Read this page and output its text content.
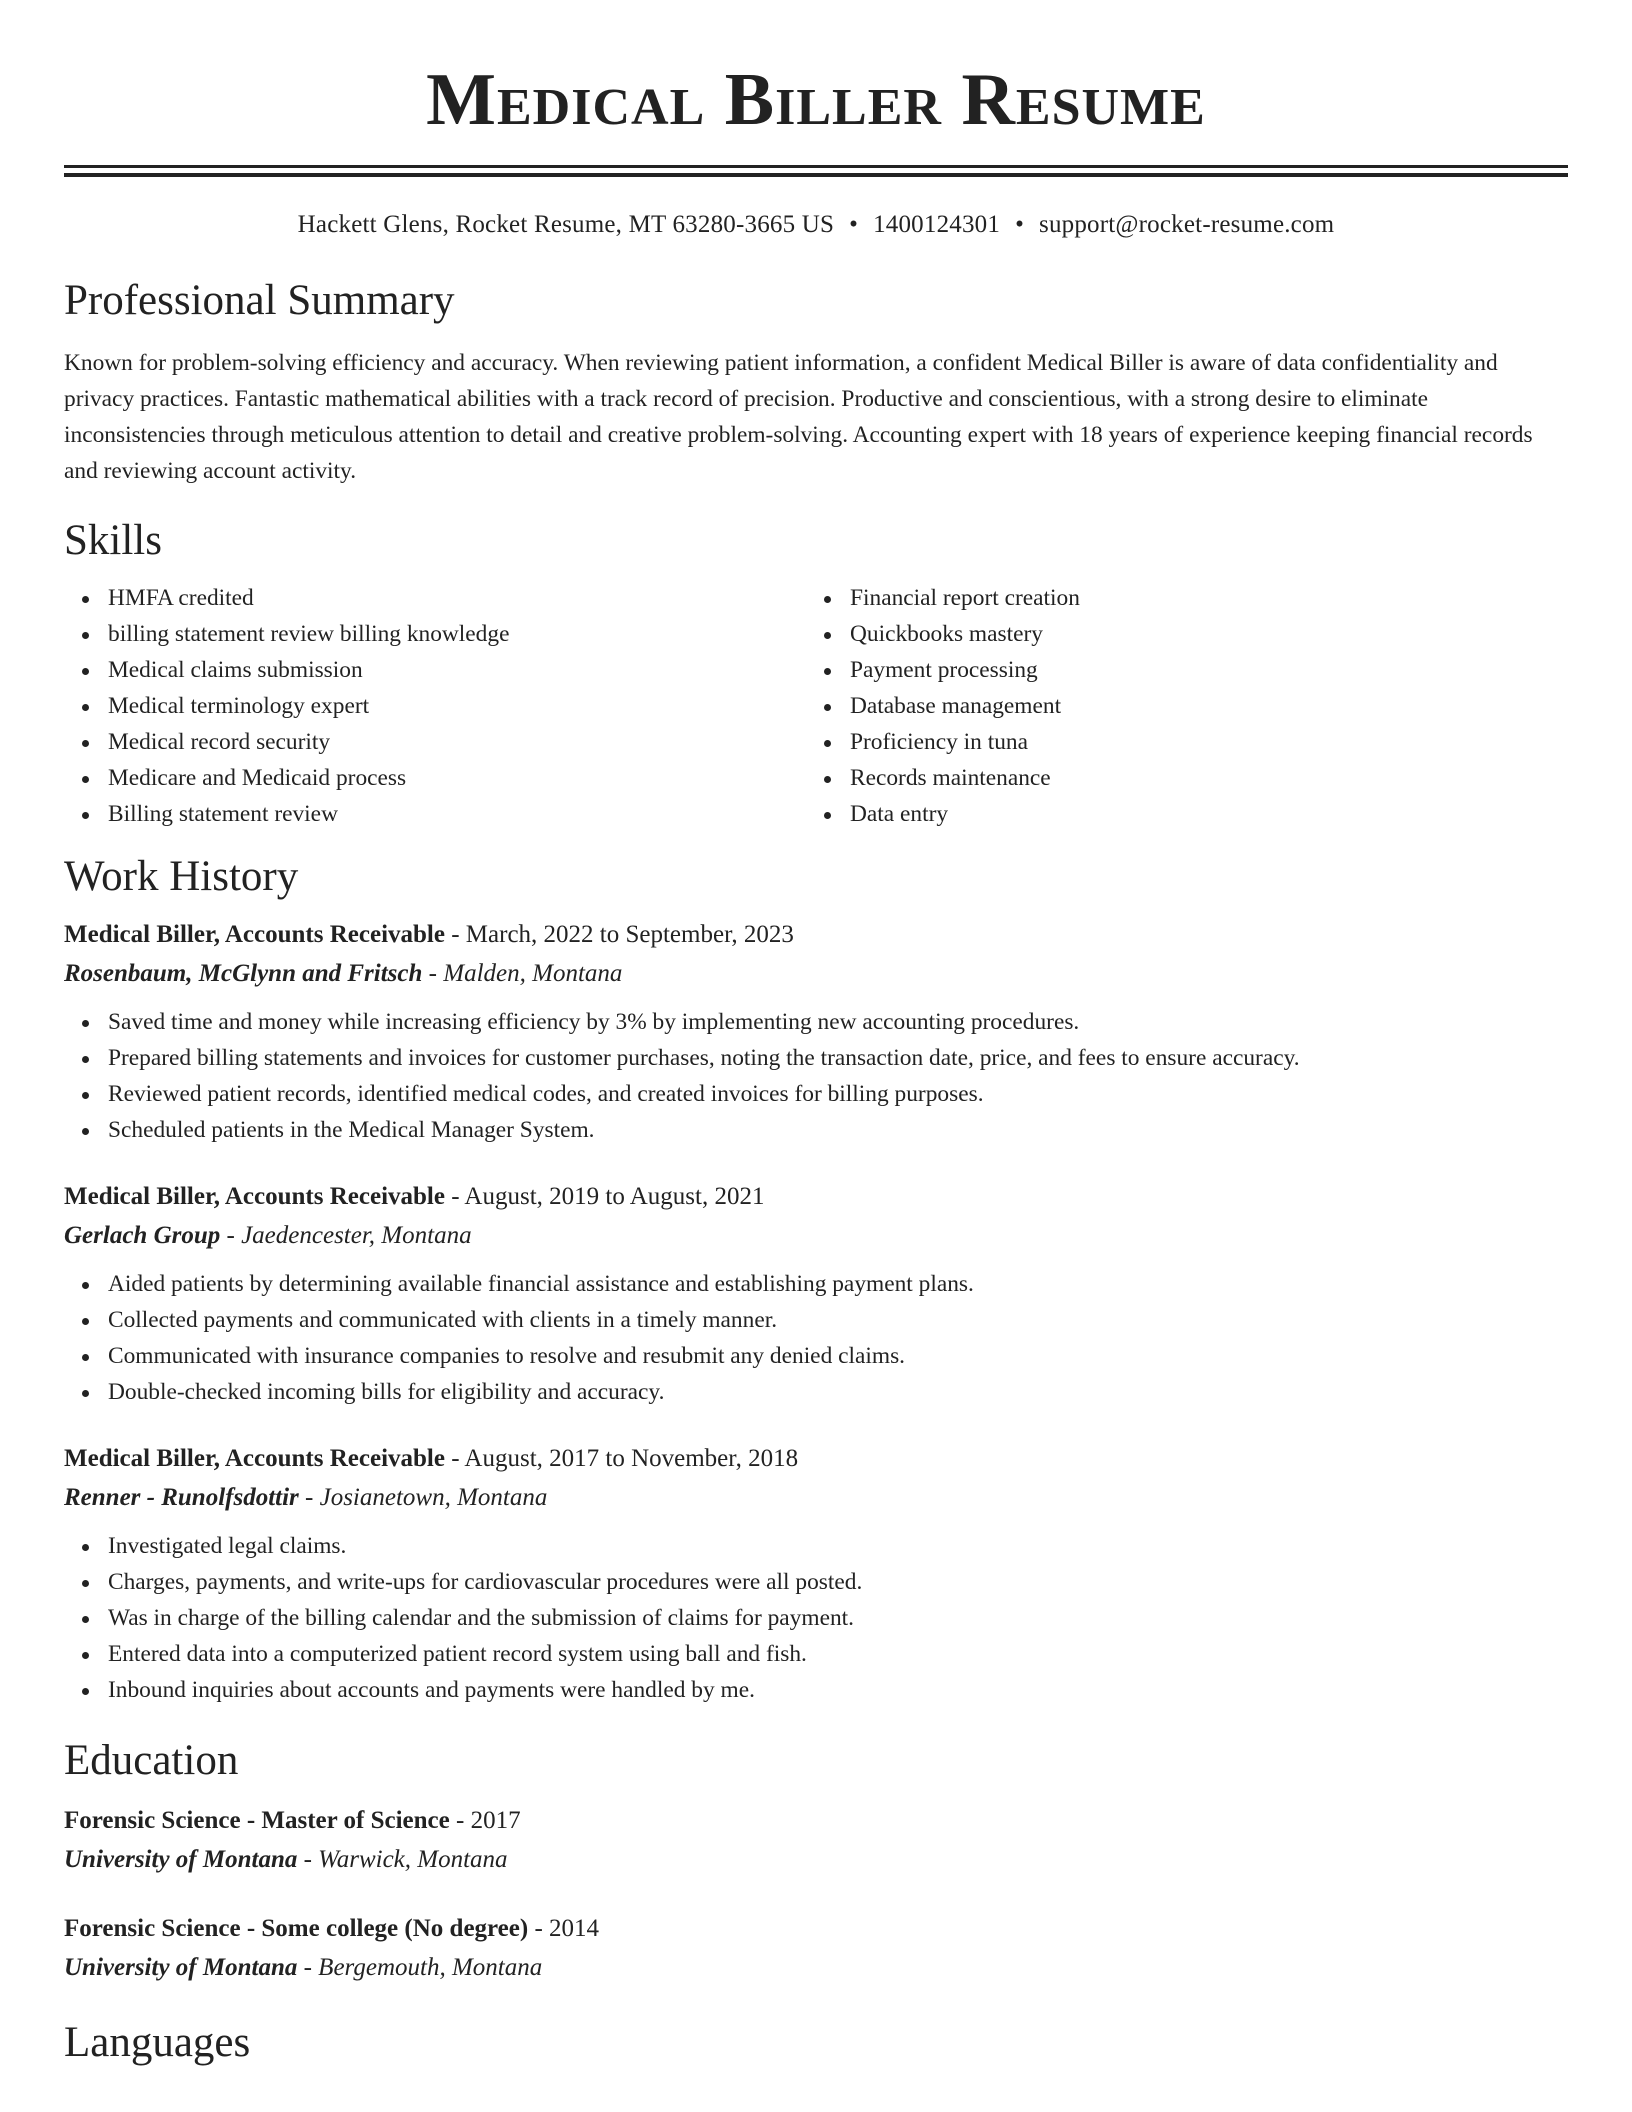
Medical Biller Resume
Hackett Glens, Rocket Resume, MT 63280-3665 US • 1400124301 • support@rocket-resume.com
Professional Summary

Known for problem-solving efficiency and accuracy. When reviewing patient information, a confident Medical Biller is aware of data confidentiality and privacy practices. Fantastic mathematical abilities with a track record of precision. Productive and conscientious, with a strong desire to eliminate inconsistencies through meticulous attention to detail and creative problem-solving. Accounting expert with 18 years of experience keeping financial records and reviewing account activity.

Skills
HMFA credited
billing statement review billing knowledge
Medical claims submission
Medical terminology expert
Medical record security
Medicare and Medicaid process
Billing statement review
Financial report creation
Quickbooks mastery
Payment processing
Database management
Proficiency in tuna
Records maintenance
Data entry
Work History
Medical Biller, Accounts Receivable - March, 2022 to September, 2023
Rosenbaum, McGlynn and Fritsch - Malden, Montana
Saved time and money while increasing efficiency by 3% by implementing new accounting procedures.
Prepared billing statements and invoices for customer purchases, noting the transaction date, price, and fees to ensure accuracy.
Reviewed patient records, identified medical codes, and created invoices for billing purposes.
Scheduled patients in the Medical Manager System.
Medical Biller, Accounts Receivable - August, 2019 to August, 2021
Gerlach Group - Jaedencester, Montana
Aided patients by determining available financial assistance and establishing payment plans.
Collected payments and communicated with clients in a timely manner.
Communicated with insurance companies to resolve and resubmit any denied claims.
Double-checked incoming bills for eligibility and accuracy.
Medical Biller, Accounts Receivable - August, 2017 to November, 2018
Renner - Runolfsdottir - Josianetown, Montana
Investigated legal claims.
Charges, payments, and write-ups for cardiovascular procedures were all posted.
Was in charge of the billing calendar and the submission of claims for payment.
Entered data into a computerized patient record system using ball and fish.
Inbound inquiries about accounts and payments were handled by me.
Education
Forensic Science - Master of Science - 2017
University of Montana - Warwick, Montana
Forensic Science - Some college (No degree) - 2014
University of Montana - Bergemouth, Montana
Languages
